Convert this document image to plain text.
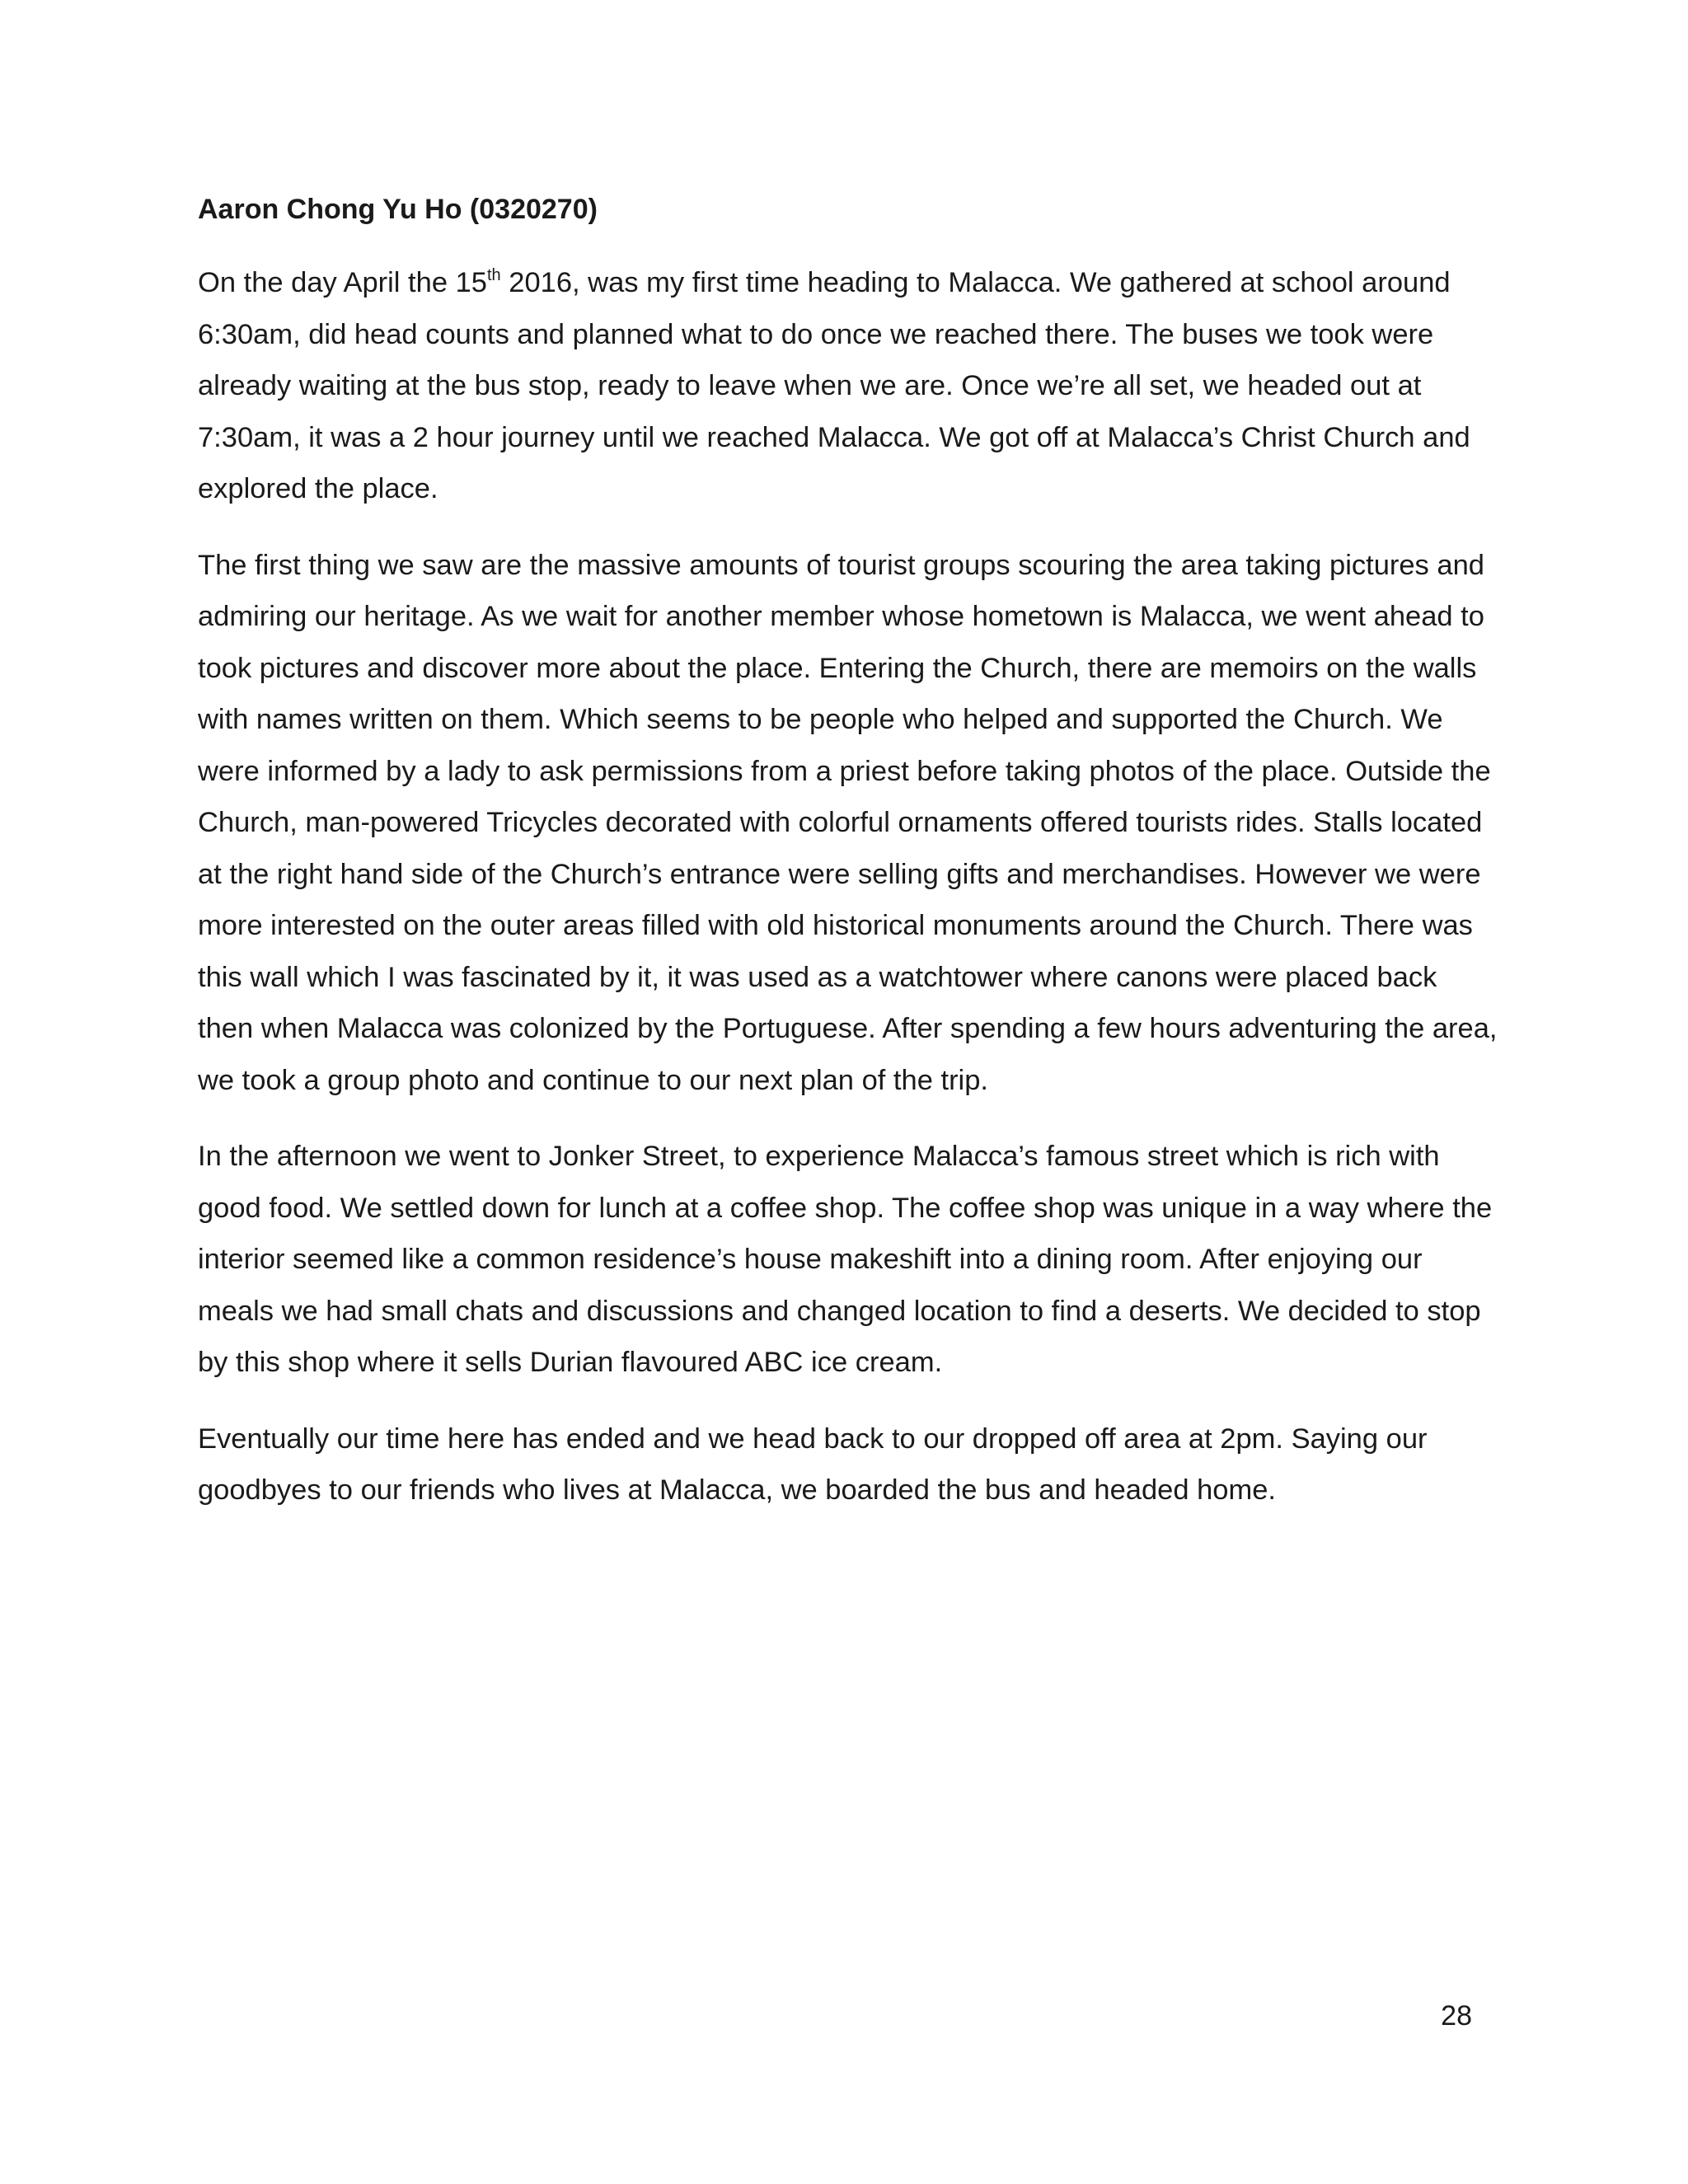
Aaron Chong Yu Ho (0320270)

On the day April the 15th 2016, was my first time heading to Malacca. We gathered at school around 6:30am, did head counts and planned what to do once we reached there. The buses we took were already waiting at the bus stop, ready to leave when we are. Once we’re all set, we headed out at 7:30am, it was a 2 hour journey until we reached Malacca. We got off at Malacca’s Christ Church and explored the place.

The first thing we saw are the massive amounts of tourist groups scouring the area taking pictures and admiring our heritage. As we wait for another member whose hometown is Malacca, we went ahead to took pictures and discover more about the place. Entering the Church, there are memoirs on the walls with names written on them. Which seems to be people who helped and supported the Church. We were informed by a lady to ask permissions from a priest before taking photos of the place. Outside the Church, man-powered Tricycles decorated with colorful ornaments offered tourists rides. Stalls located at the right hand side of the Church’s entrance were selling gifts and merchandises. However we were more interested on the outer areas filled with old historical monuments around the Church. There was this wall which I was fascinated by it, it was used as a watchtower where canons were placed back then when Malacca was colonized by the Portuguese. After spending a few hours adventuring the area, we took a group photo and continue to our next plan of the trip.

In the afternoon we went to Jonker Street, to experience Malacca’s famous street which is rich with good food. We settled down for lunch at a coffee shop. The coffee shop was unique in a way where the interior seemed like a common residence’s house makeshift into a dining room. After enjoying our meals we had small chats and discussions and changed location to find a deserts. We decided to stop by this shop where it sells Durian flavoured ABC ice cream.

Eventually our time here has ended and we head back to our dropped off area at 2pm. Saying our goodbyes to our friends who lives at Malacca, we boarded the bus and headed home.

28
